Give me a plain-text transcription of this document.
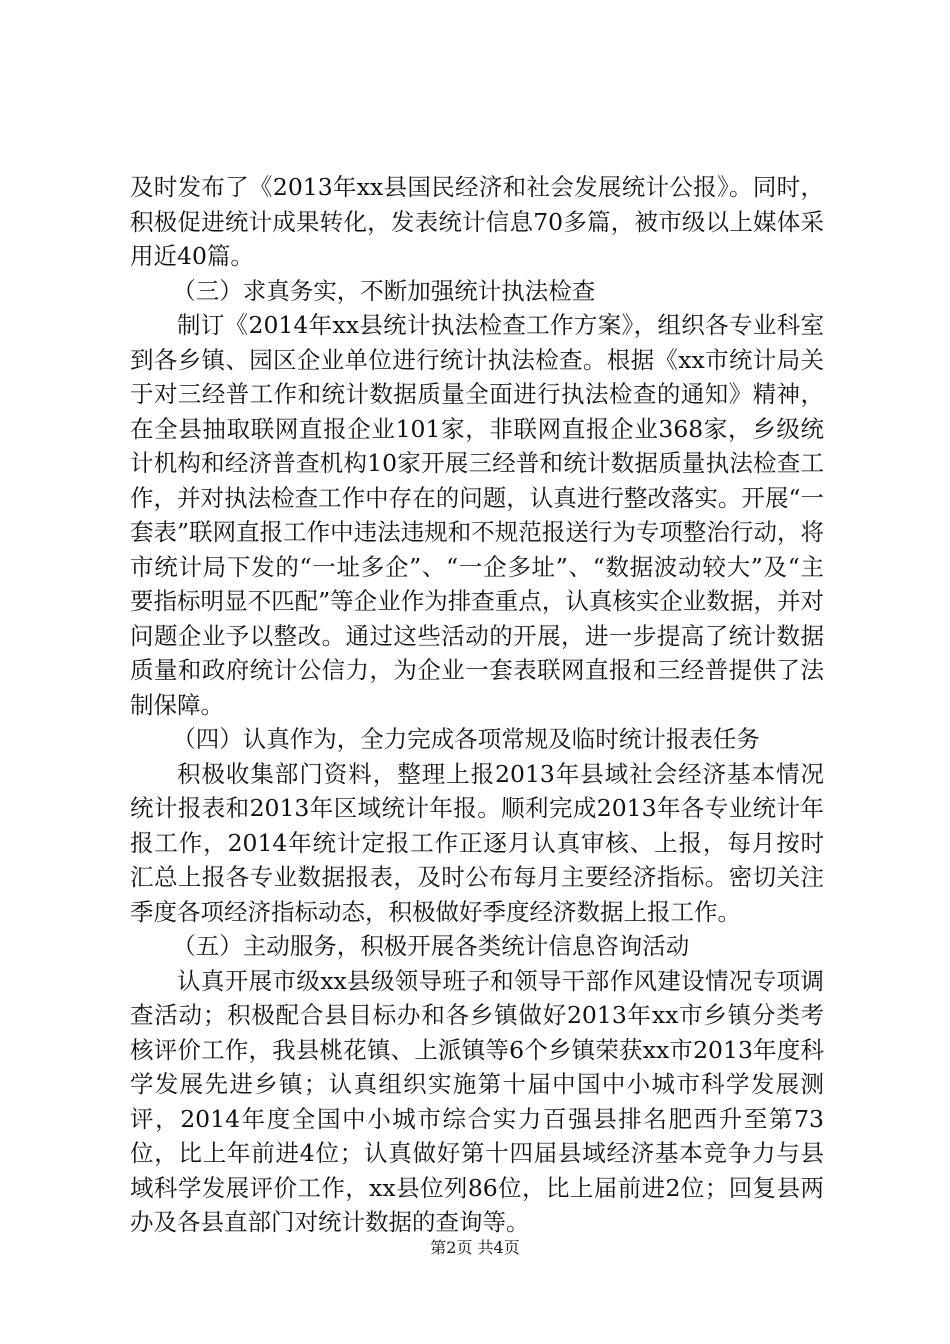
及时发布了《2013年xx县国民经济和社会发展统计公报》。同时，积极促进统计成果转化，发表统计信息70多篇，被市级以上媒体采用近40篇。

（三）求真务实，不断加强统计执法检查

制订《2014年xx县统计执法检查工作方案》，组织各专业科室到各乡镇、园区企业单位进行统计执法检查。根据《xx市统计局关于对三经普工作和统计数据质量全面进行执法检查的通知》精神，在全县抽取联网直报企业101家，非联网直报企业368家，乡级统计机构和经济普查机构10家开展三经普和统计数据质量执法检查工作，并对执法检查工作中存在的问题，认真进行整改落实。开展“一套表”联网直报工作中违法违规和不规范报送行为专项整治行动，将市统计局下发的“一址多企”、“一企多址”、“数据波动较大”及“主要指标明显不匹配”等企业作为排查重点，认真核实企业数据，并对问题企业予以整改。通过这些活动的开展，进一步提高了统计数据质量和政府统计公信力，为企业一套表联网直报和三经普提供了法制保障。

（四）认真作为，全力完成各项常规及临时统计报表任务

积极收集部门资料，整理上报2013年县域社会经济基本情况统计报表和2013年区域统计年报。顺利完成2013年各专业统计年报工作，2014年统计定报工作正逐月认真审核、上报，每月按时汇总上报各专业数据报表，及时公布每月主要经济指标。密切关注季度各项经济指标动态，积极做好季度经济数据上报工作。

（五）主动服务，积极开展各类统计信息咨询活动

认真开展市级xx县级领导班子和领导干部作风建设情况专项调查活动；积极配合县目标办和各乡镇做好2013年xx市乡镇分类考核评价工作，我县桃花镇、上派镇等6个乡镇荣获xx市2013年度科学发展先进乡镇；认真组织实施第十届中国中小城市科学发展测评，2014年度全国中小城市综合实力百强县排名肥西升至第73位，比上年前进4位；认真做好第十四届县域经济基本竞争力与县域科学发展评价工作，xx县位列86位，比上届前进2位；回复县两办及各县直部门对统计数据的查询等。

第2页 共4页
